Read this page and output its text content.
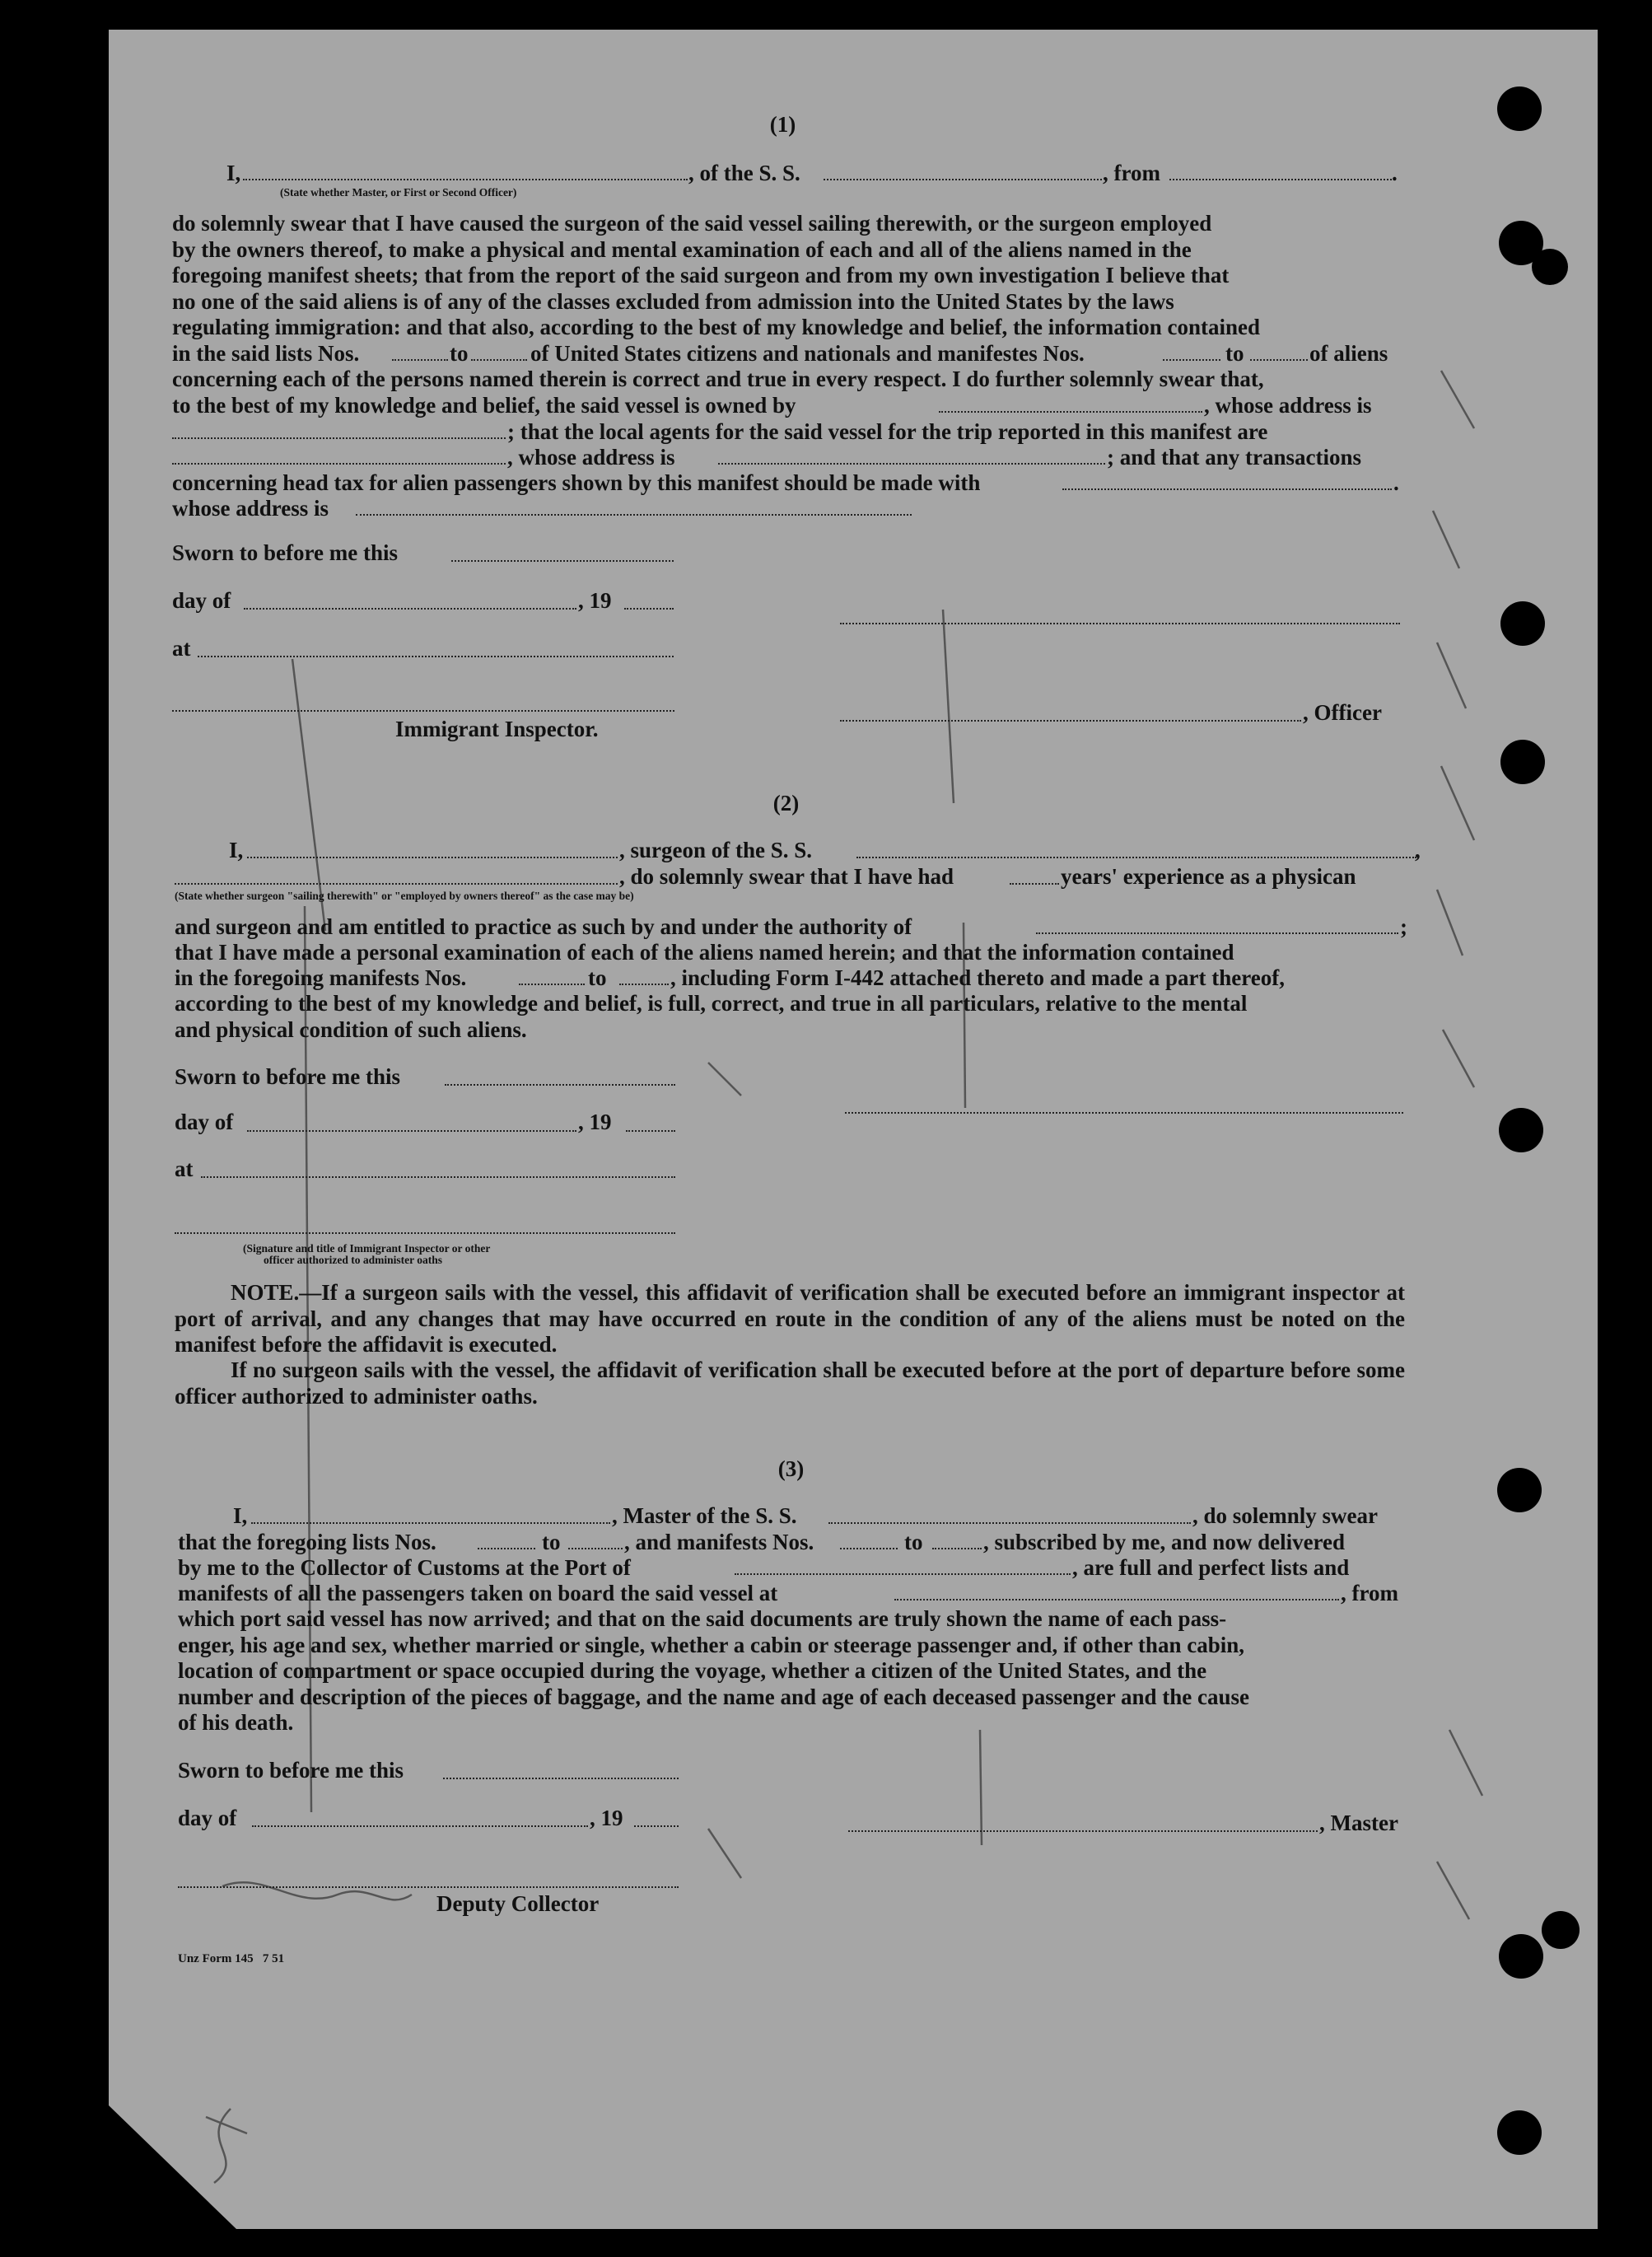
(1)
I,	, of the S. S.	, from	.
(State whether Master, or First or Second Officer)
do solemnly swear that I have caused the surgeon of the said vessel sailing therewith, or the surgeon employed
by the owners thereof, to make a physical and mental examination of each and all of the aliens named in the
foregoing manifest sheets; that from the report of the said surgeon and from my own investigation I believe that
no one of the said aliens is of any of the classes excluded from admission into the United States by the laws
regulating immigration: and that also, according to the best of my knowledge and belief, the information contained
in the said lists Nos.	to	of United States citizens and nationals and manifestes Nos.	to	of aliens
concerning each of the persons named therein is correct and true in every respect. I do further solemnly swear that,
to the best of my knowledge and belief, the said vessel is owned by	, whose address is
; that the local agents for the said vessel for the trip reported in this manifest are
, whose address is	; and that any transactions
concerning head tax for alien passengers shown by this manifest should be made with	.
whose address is
Sworn to before me this
day of	, 19
at
, Officer
Immigrant Inspector.
(2)
I,	, surgeon of the S. S.	,
, do solemnly swear that I have had	years' experience as a physican
(State whether surgeon "sailing therewith" or "employed by owners thereof" as the case may be)
and surgeon and am entitled to practice as such by and under the authority of	;
that I have made a personal examination of each of the aliens named herein; and that the information contained
in the foregoing manifests Nos.	to	, including Form I-442 attached thereto and made a part thereof,
according to the best of my knowledge and belief, is full, correct, and true in all particulars, relative to the mental
and physical condition of such aliens.
Sworn to before me this
day of	, 19
at
(Signature and title of Immigrant Inspector or other
officer authorized to administer oaths
NOTE.—If a surgeon sails with the vessel, this affidavit of verification shall be executed before an immigrant inspector at port of arrival, and any changes that may have occurred en route in the condition of any of the aliens must be noted on the manifest before the affidavit is executed.
If no surgeon sails with the vessel, the affidavit of verification shall be executed before at the port of departure before some officer authorized to administer oaths.
(3)
I,	, Master of the S. S.	, do solemnly swear
that the foregoing lists Nos.	to	, and manifests Nos.	to	, subscribed by me, and now delivered
by me to the Collector of Customs at the Port of	, are full and perfect lists and
manifests of all the passengers taken on board the said vessel at	, from
which port said vessel has now arrived; and that on the said documents are truly shown the name of each pass-
enger, his age and sex, whether married or single, whether a cabin or steerage passenger and, if other than cabin,
location of compartment or space occupied during the voyage, whether a citizen of the United States, and the
number and description of the pieces of baggage, and the name and age of each deceased passenger and the cause
of his death.
Sworn to before me this
day of	, 19	, Master
Deputy Collector
Unz Form 145   7 51
